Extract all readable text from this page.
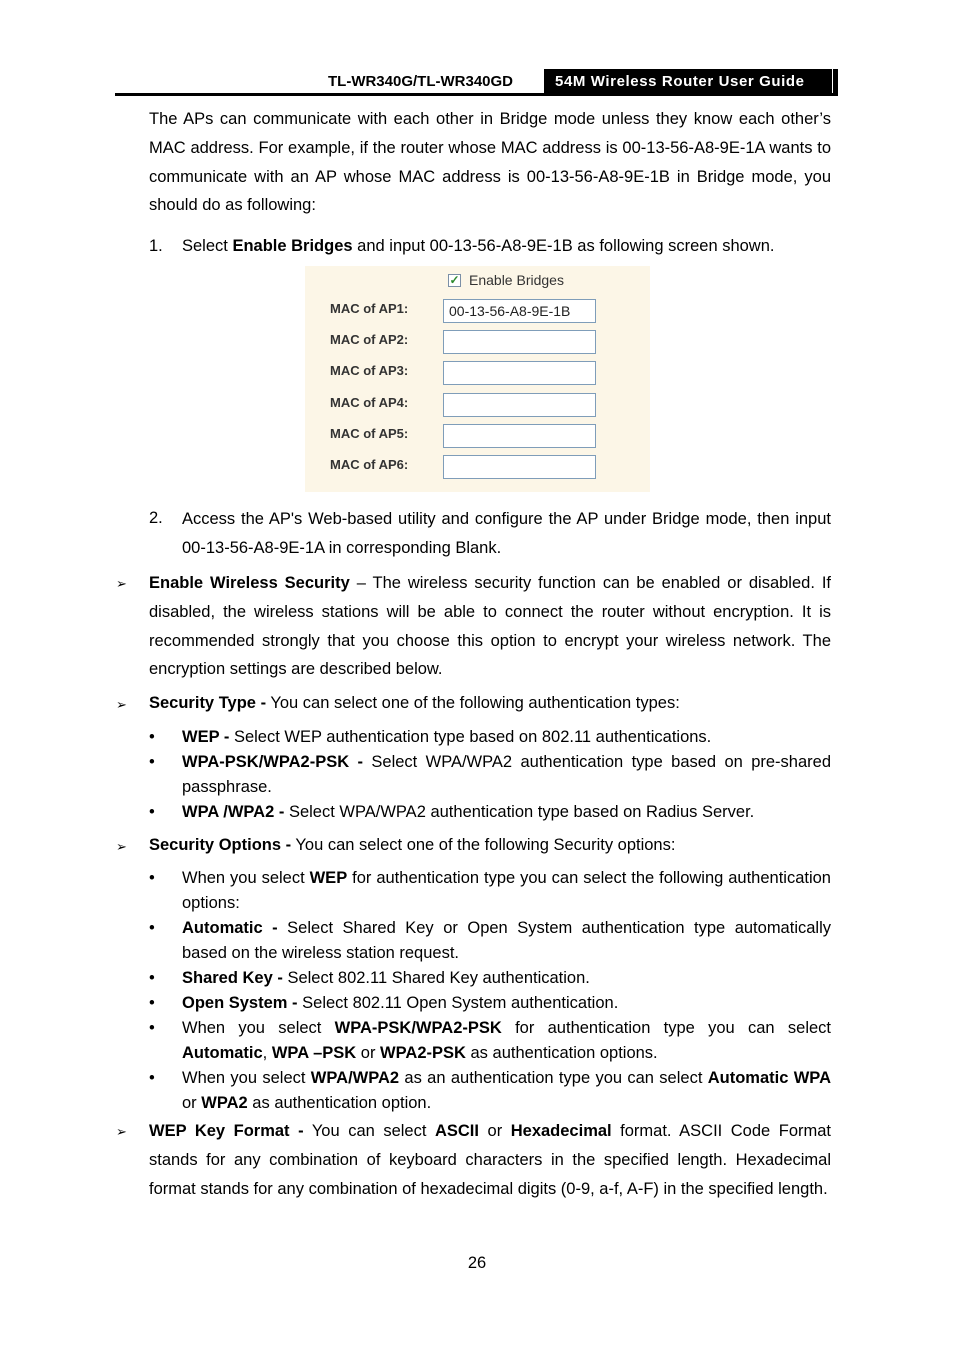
TL-WR340G/TL-WR340GD	54M Wireless Router User Guide
The APs can communicate with each other in Bridge mode unless they know each other’s MAC address. For example, if the router whose MAC address is 00-13-56-A8-9E-1A wants to communicate with an AP whose MAC address is 00-13-56-A8-9E-1B in Bridge mode, you should do as following:
1. Select Enable Bridges and input 00-13-56-A8-9E-1B as following screen shown.
✓ Enable Bridges
MAC of AP1:
00-13-56-A8-9E-1B
MAC of AP2:
MAC of AP3:
MAC of AP4:
MAC of AP5:
MAC of AP6:
2. Access the AP's Web-based utility and configure the AP under Bridge mode, then input 00-13-56-A8-9E-1A in corresponding Blank.
➢ Enable Wireless Security – The wireless security function can be enabled or disabled. If disabled, the wireless stations will be able to connect the router without encryption. It is recommended strongly that you choose this option to encrypt your wireless network. The encryption settings are described below.
➢ Security Type - You can select one of the following authentication types:
• WEP - Select WEP authentication type based on 802.11 authentications.
• WPA-PSK/WPA2-PSK - Select WPA/WPA2 authentication type based on pre-shared passphrase.
• WPA /WPA2 - Select WPA/WPA2 authentication type based on Radius Server.
➢ Security Options - You can select one of the following Security options:
• When you select WEP for authentication type you can select the following authentication options:
• Automatic - Select Shared Key or Open System authentication type automatically based on the wireless station request.
• Shared Key - Select 802.11 Shared Key authentication.
• Open System - Select 802.11 Open System authentication.
• When you select WPA-PSK/WPA2-PSK for authentication type you can select Automatic, WPA –PSK or WPA2-PSK as authentication options.
• When you select WPA/WPA2 as an authentication type you can select Automatic WPA or WPA2 as authentication option.
➢ WEP Key Format - You can select ASCII or Hexadecimal format. ASCII Code Format stands for any combination of keyboard characters in the specified length. Hexadecimal format stands for any combination of hexadecimal digits (0-9, a-f, A-F) in the specified length.
26
